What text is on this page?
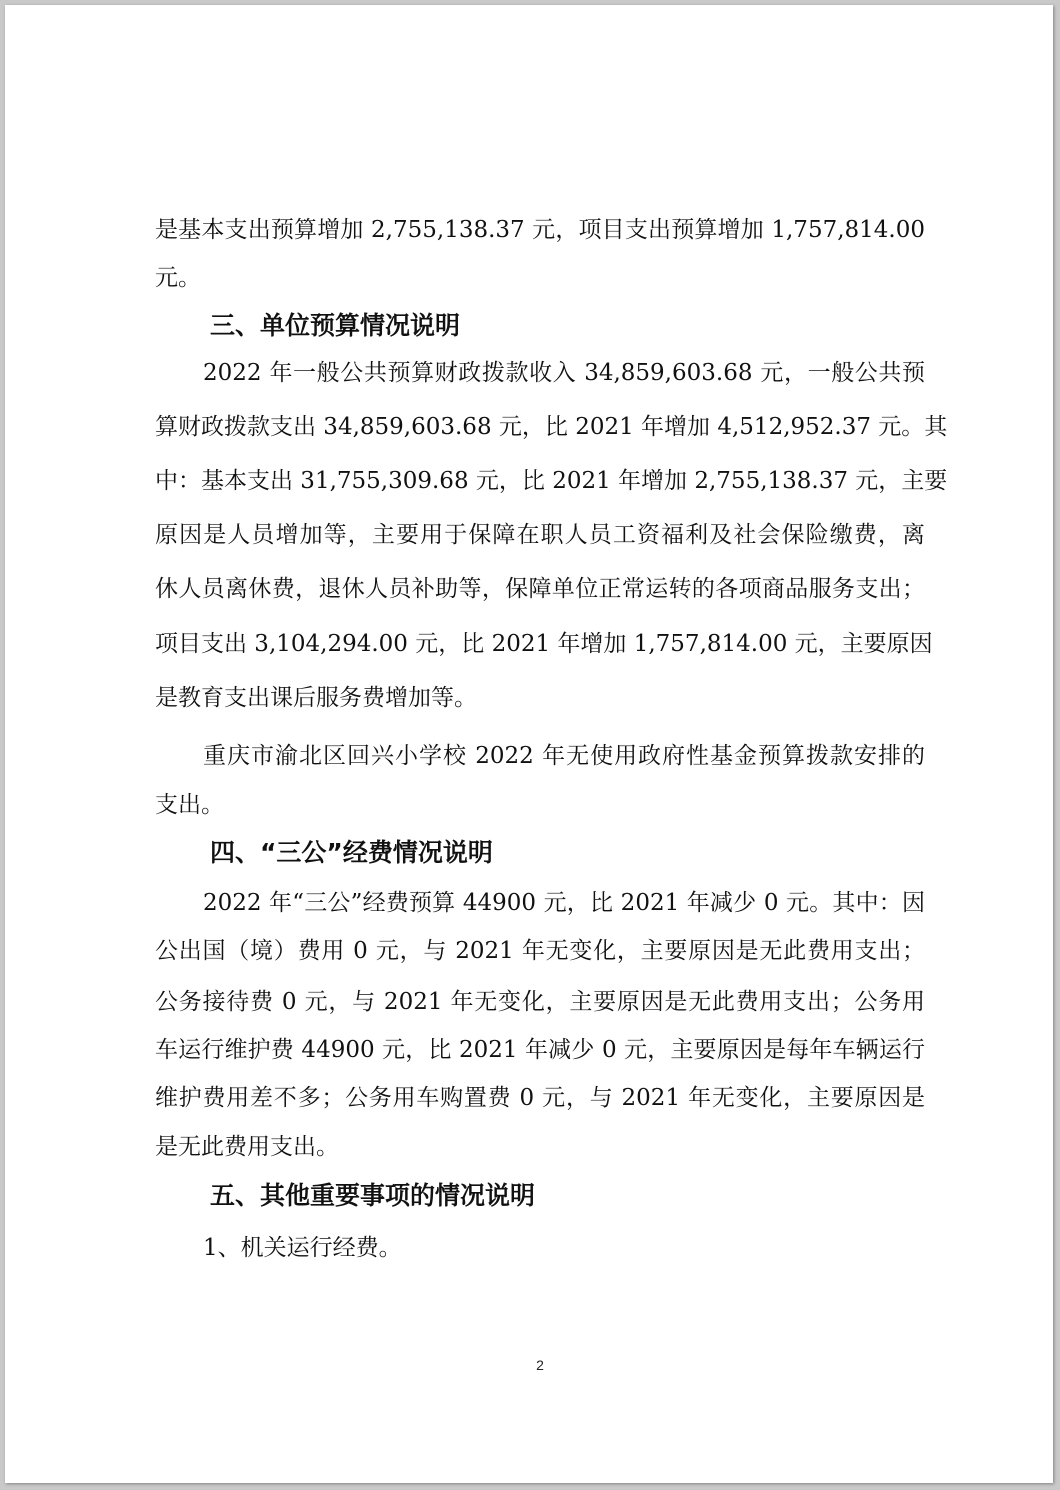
是基本支出预算增加 2,755,138.37 元，项目支出预算增加 1,757,814.00

元。

三、单位预算情况说明

2022 年一般公共预算财政拨款收入 34,859,603.68 元，一般公共预

算财政拨款支出 34,859,603.68 元，比 2021 年增加 4,512,952.37 元。其

中：基本支出 31,755,309.68 元，比 2021 年增加 2,755,138.37 元，主要

原因是人员增加等，主要用于保障在职人员工资福利及社会保险缴费，离

休人员离休费，退休人员补助等，保障单位正常运转的各项商品服务支出；

项目支出 3,104,294.00 元，比 2021 年增加 1,757,814.00 元，主要原因

是教育支出课后服务费增加等。

重庆市渝北区回兴小学校 2022 年无使用政府性基金预算拨款安排的

支出。

四、“三公”经费情况说明

2022 年“三公”经费预算 44900 元，比 2021 年减少 0 元。其中：因

公出国（境）费用 0 元，与 2021 年无变化，主要原因是无此费用支出；

公务接待费 0 元，与 2021 年无变化，主要原因是无此费用支出；公务用

车运行维护费 44900 元，比 2021 年减少 0 元，主要原因是每年车辆运行

维护费用差不多；公务用车购置费 0 元，与 2021 年无变化，主要原因是

是无此费用支出。

五、其他重要事项的情况说明

1、机关运行经费。

2
